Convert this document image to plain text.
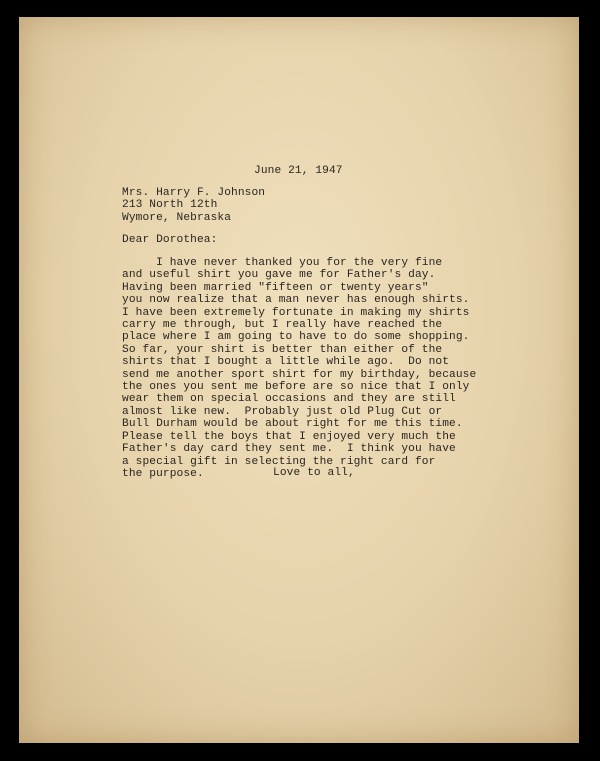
June 21, 1947

Mrs. Harry F. Johnson
213 North 12th
Wymore, Nebraska

Dear Dorothea:

I have never thanked you for the very fine
and useful shirt you gave me for Father's day.
Having been married "fifteen or twenty years"
you now realize that a man never has enough shirts.
I have been extremely fortunate in making my shirts
carry me through, but I really have reached the
place where I am going to have to do some shopping.
So far, your shirt is better than either of the
shirts that I bought a little while ago.  Do not
send me another sport shirt for my birthday, because
the ones you sent me before are so nice that I only
wear them on special occasions and they are still
almost like new.  Probably just old Plug Cut or
Bull Durham would be about right for me this time.
Please tell the boys that I enjoyed very much the
Father's day card they sent me.  I think you have
a special gift in selecting the right card for
the purpose.	Love to all,
